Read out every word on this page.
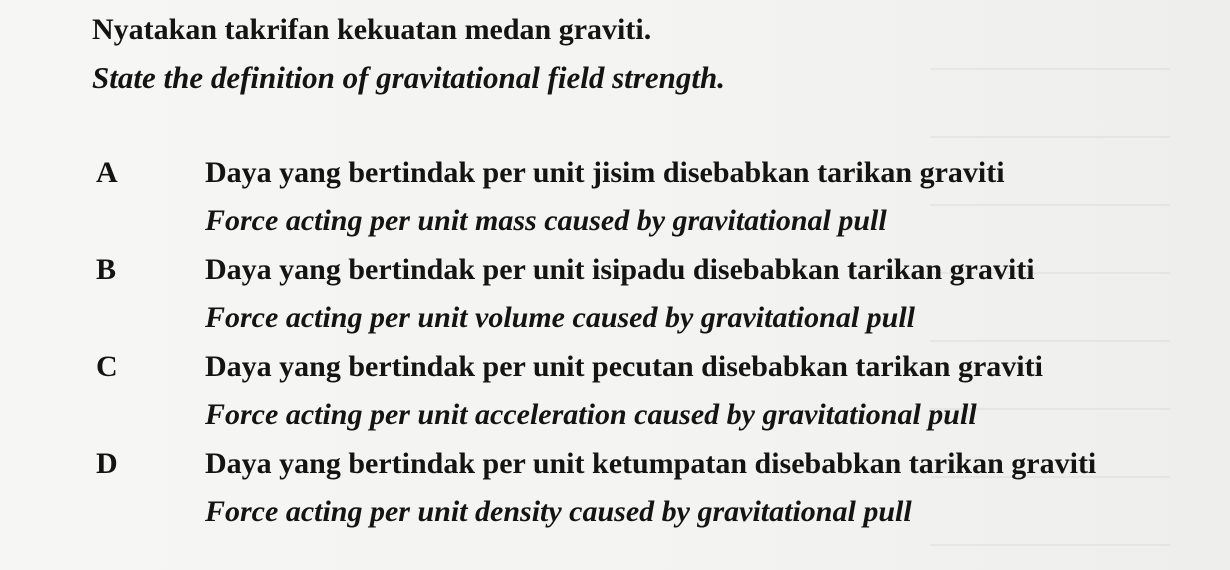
Nyatakan takrifan kekuatan medan graviti.
State the definition of gravitational field strength.
A	Daya yang bertindak per unit jisim disebabkan tarikan graviti
Force acting per unit mass caused by gravitational pull
B	Daya yang bertindak per unit isipadu disebabkan tarikan graviti
Force acting per unit volume caused by gravitational pull
C	Daya yang bertindak per unit pecutan disebabkan tarikan graviti
Force acting per unit acceleration caused by gravitational pull
D	Daya yang bertindak per unit ketumpatan disebabkan tarikan graviti
Force acting per unit density caused by gravitational pull
